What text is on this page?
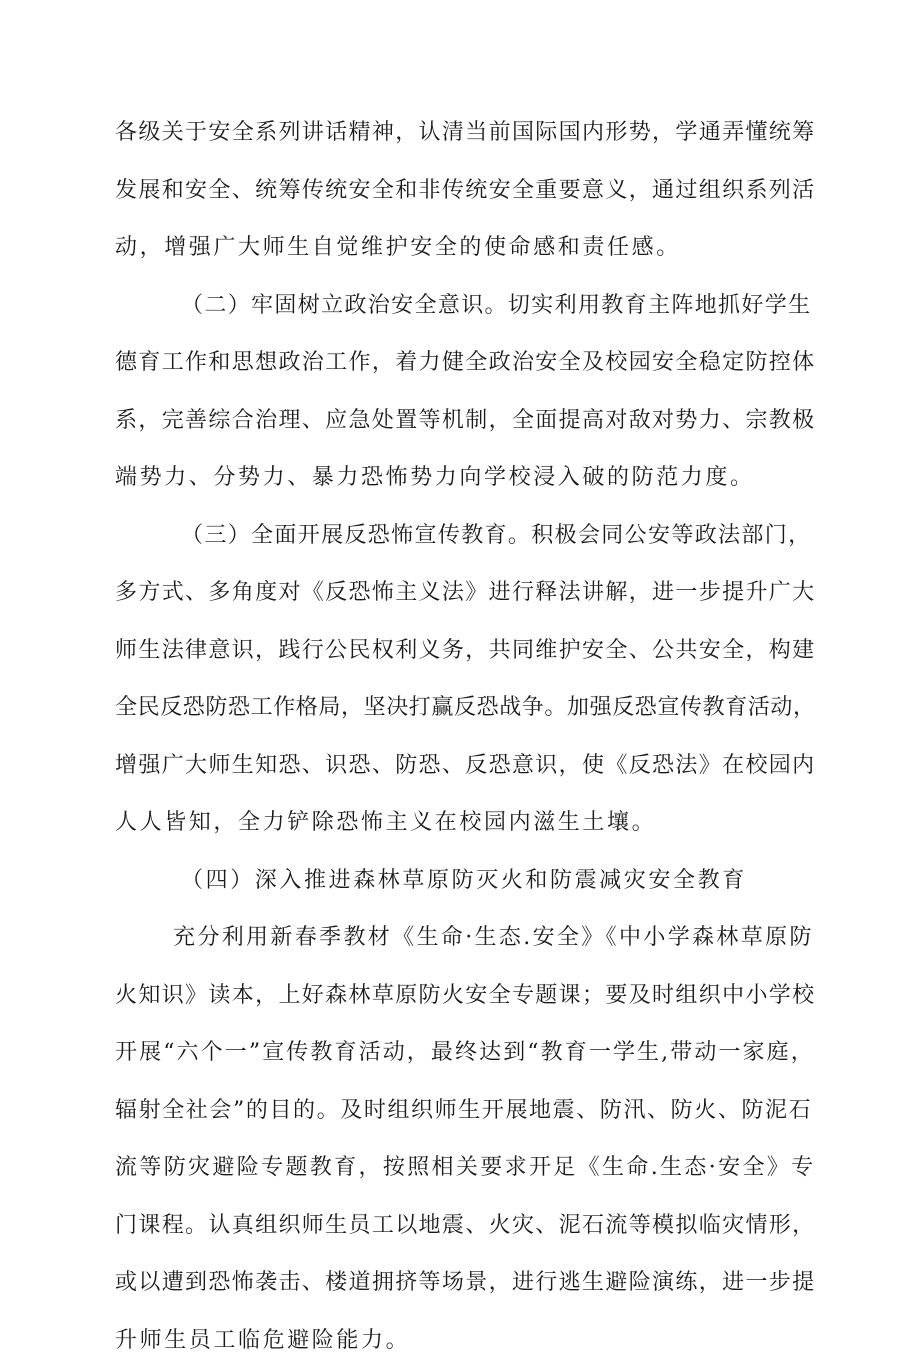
各级关于安全系列讲话精神，认清当前国际国内形势，学通弄懂统筹
发展和安全、统筹传统安全和非传统安全重要意义，通过组织系列活
动，增强广大师生自觉维护安全的使命感和责任感。
（二）牢固树立政治安全意识。切实利用教育主阵地抓好学生
德育工作和思想政治工作，着力健全政治安全及校园安全稳定防控体
系，完善综合治理、应急处置等机制，全面提高对敌对势力、宗教极
端势力、分势力、暴力恐怖势力向学校浸入破的防范力度。
（三）全面开展反恐怖宣传教育。积极会同公安等政法部门，
多方式、多角度对《反恐怖主义法》进行释法讲解，进一步提升广大
师生法律意识，践行公民权利义务，共同维护安全、公共安全，构建
全民反恐防恐工作格局，坚决打赢反恐战争。加强反恐宣传教育活动，
增强广大师生知恐、识恐、防恐、反恐意识，使《反恐法》在校园内
人人皆知，全力铲除恐怖主义在校园内滋生土壤。
（四）深入推进森林草原防灭火和防震减灾安全教育
充分利用新春季教材《生命·生态.安全》《中小学森林草原防
火知识》读本，上好森林草原防火安全专题课；要及时组织中小学校
开展“六个一”宣传教育活动，最终达到“教育一学生,带动一家庭，
辐射全社会”的目的。及时组织师生开展地震、防汛、防火、防泥石
流等防灾避险专题教育，按照相关要求开足《生命.生态·安全》专
门课程。认真组织师生员工以地震、火灾、泥石流等模拟临灾情形，
或以遭到恐怖袭击、楼道拥挤等场景，进行逃生避险演练，进一步提
升师生员工临危避险能力。
